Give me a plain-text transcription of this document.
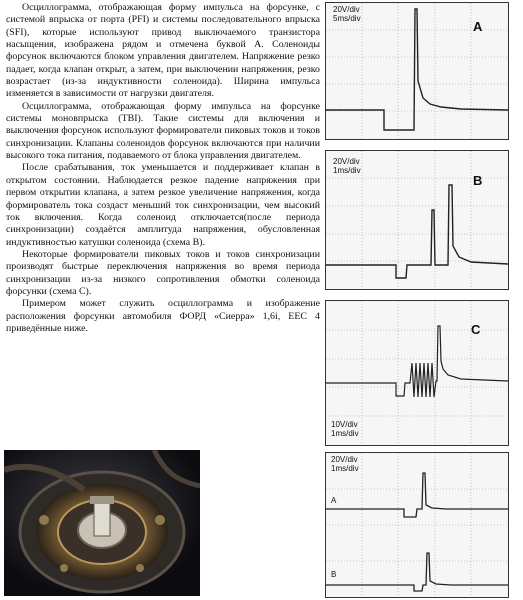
Осциллограмма, отображающая форму импульса на форсунке, с системой впрыска от порта (PFI) и системы последовательного впрыска (SFI), которые используют привод выключаемого транзистора насыщения, изображена рядом и отмечена буквой A. Соленоиды форсунок включаются блоком управления двигателем. Напряжение резко падает, когда клапан открыт, а затем, при выключении напряжения, резко возрастает (из-за индуктивности соленоида). Ширина импульса изменяется в зависимости от нагрузки двигателя.

Осциллограмма, отображающая форму импульса на форсунке системы моновпрыска (TBI). Такие системы для включения и выключения форсунок используют формирователи пиковых токов и токов синхронизации. Клапаны соленоидов форсунок включаются при наличии высокого тока питания, подаваемого от блока управления двигателем.

После срабатывания, ток уменьшается и поддерживает клапан в открытом состоянии. Наблюдается резкое падение напряжения при первом открытии клапана, а затем резкое увеличение напряжения, когда формирователь тока создаст меньший ток синхронизации, чем высокий ток включения. Когда соленоид отключается(после периода синхронизации) создаётся амплитуда напряжения, обусловленная индуктивностью катушки соленоида (схема B).

Некоторые формирователи пиковых токов и токов синхронизации производят быстрые переключения напряжения во время периода синхронизации из-за низкого сопротивления обмотки соленоида форсунки (схема C).

Примером может служить осциллограмма и изображение расположения форсунки автомобиля ФОРД «Сиерра» 1,6i, EEC 4 приведённые ниже.

20V/div
5ms/div
A
20V/div
1ms/div
B
C
10V/div
1ms/div
20V/div
1ms/div
A
B
